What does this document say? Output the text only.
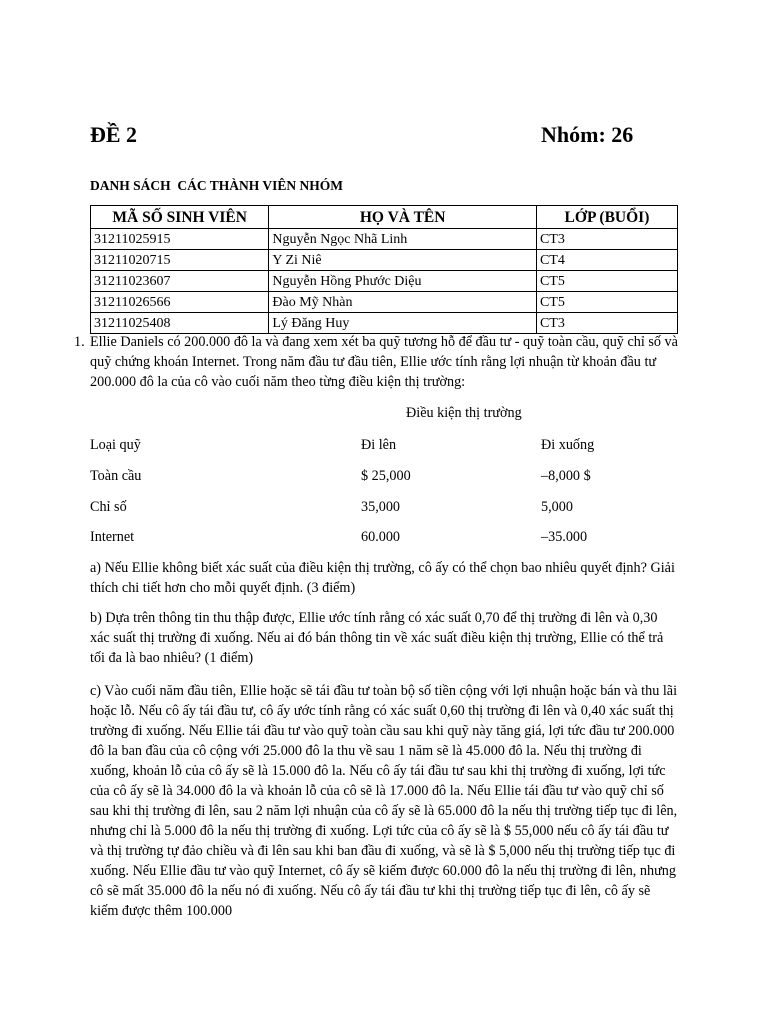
ĐỀ 2	Nhóm: 26
DANH SÁCH  CÁC THÀNH VIÊN NHÓM
MÃ SỐ SINH VIÊN	HỌ VÀ TÊN	LỚP (BUỔI)
31211025915	Nguyễn Ngọc Nhã Linh	CT3
31211020715	Y Zi Niê	CT4
31211023607	Nguyễn Hồng Phước Diệu	CT5
31211026566	Đào Mỹ Nhàn	CT5
31211025408	Lý Đăng Huy	CT3
1. Ellie Daniels có 200.000 đô la và đang xem xét ba quỹ tương hỗ để đầu tư - quỹ toàn cầu, quỹ chỉ số và quỹ chứng khoán Internet. Trong năm đầu tư đầu tiên, Ellie ước tính rằng lợi nhuận từ khoản đầu tư 200.000 đô la của cô vào cuối năm theo từng điều kiện thị trường:
Điều kiện thị trường
Loại quỹ	Đi lên	Đi xuống
Toàn cầu	$ 25,000	–8,000 $
Chỉ số	35,000	5,000
Internet	60.000	–35.000
a) Nếu Ellie không biết xác suất của điều kiện thị trường, cô ấy có thể chọn bao nhiêu quyết định? Giải thích chi tiết hơn cho mỗi quyết định. (3 điểm)
b) Dựa trên thông tin thu thập được, Ellie ước tính rằng có xác suất 0,70 để thị trường đi lên và 0,30 xác suất thị trường đi xuống. Nếu ai đó bán thông tin về xác suất điều kiện thị trường, Ellie có thể trả tối đa là bao nhiêu? (1 điểm)
c) Vào cuối năm đầu tiên, Ellie hoặc sẽ tái đầu tư toàn bộ số tiền cộng với lợi nhuận hoặc bán và thu lãi hoặc lỗ. Nếu cô ấy tái đầu tư, cô ấy ước tính rằng có xác suất 0,60 thị trường đi lên và 0,40 xác suất thị trường đi xuống. Nếu Ellie tái đầu tư vào quỹ toàn cầu sau khi quỹ này tăng giá, lợi tức đầu tư 200.000 đô la ban đầu của cô cộng với 25.000 đô la thu về sau 1 năm sẽ là 45.000 đô la. Nếu thị trường đi xuống, khoản lỗ của cô ấy sẽ là 15.000 đô la. Nếu cô ấy tái đầu tư sau khi thị trường đi xuống, lợi tức của cô ấy sẽ là 34.000 đô la và khoản lỗ của cô sẽ là 17.000 đô la. Nếu Ellie tái đầu tư vào quỹ chỉ số sau khi thị trường đi lên, sau 2 năm lợi nhuận của cô ấy sẽ là 65.000 đô la nếu thị trường tiếp tục đi lên, nhưng chỉ là 5.000 đô la nếu thị trường đi xuống. Lợi tức của cô ấy sẽ là $ 55,000 nếu cô ấy tái đầu tư và thị trường tự đảo chiều và đi lên sau khi ban đầu đi xuống, và sẽ là $ 5,000 nếu thị trường tiếp tục đi xuống. Nếu Ellie đầu tư vào quỹ Internet, cô ấy sẽ kiếm được 60.000 đô la nếu thị trường đi lên, nhưng cô sẽ mất 35.000 đô la nếu nó đi xuống. Nếu cô ấy tái đầu tư khi thị trường tiếp tục đi lên, cô ấy sẽ kiếm được thêm 100.000
